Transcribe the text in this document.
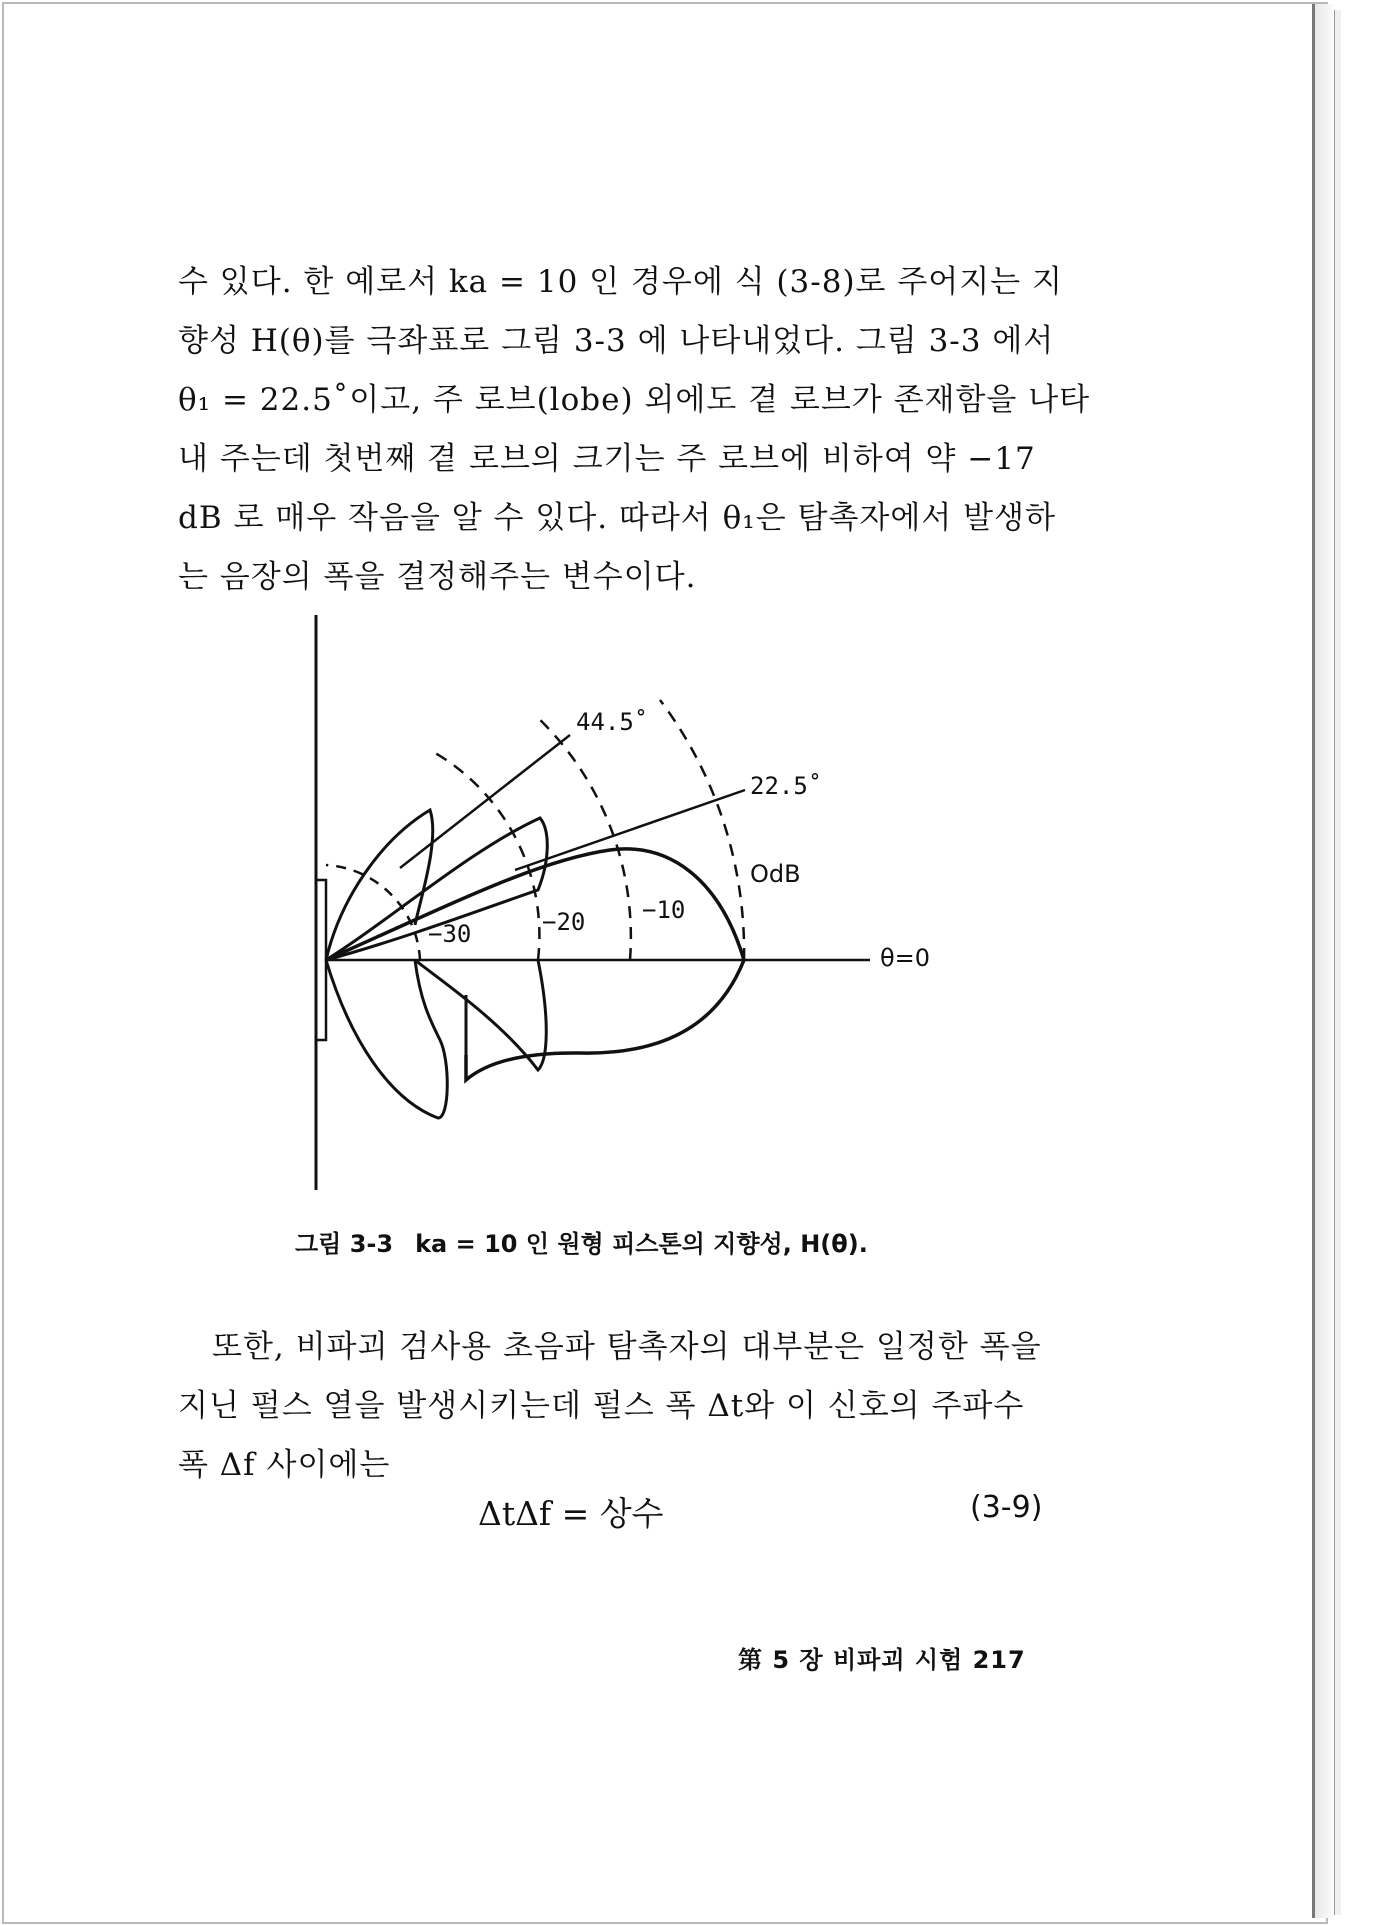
수 있다. 한 예로서 ka = 10 인 경우에 식 (3-8)로 주어지는 지
향성 H(θ)를 극좌표로 그림 3-3 에 나타내었다. 그림 3-3 에서
θ₁ = 22.5˚이고, 주 로브(lobe) 외에도 곁 로브가 존재함을 나타
내 주는데 첫번째 곁 로브의 크기는 주 로브에 비하여 약 −17
dB 로 매우 작음을 알 수 있다. 따라서 θ₁은 탐촉자에서 발생하
는 음장의 폭을 결정해주는 변수이다.
44.5˚
22.5˚
OdB
−10
−20
−30
θ=0
그림 3-3 ka = 10 인 원형 피스톤의 지향성, H(θ).
또한, 비파괴 검사용 초음파 탐촉자의 대부분은 일정한 폭을
지닌 펄스 열을 발생시키는데 펄스 폭 Δt와 이 신호의 주파수
폭 Δf 사이에는
ΔtΔf = 상수	(3-9)
第 5 장 비파괴 시험 217
